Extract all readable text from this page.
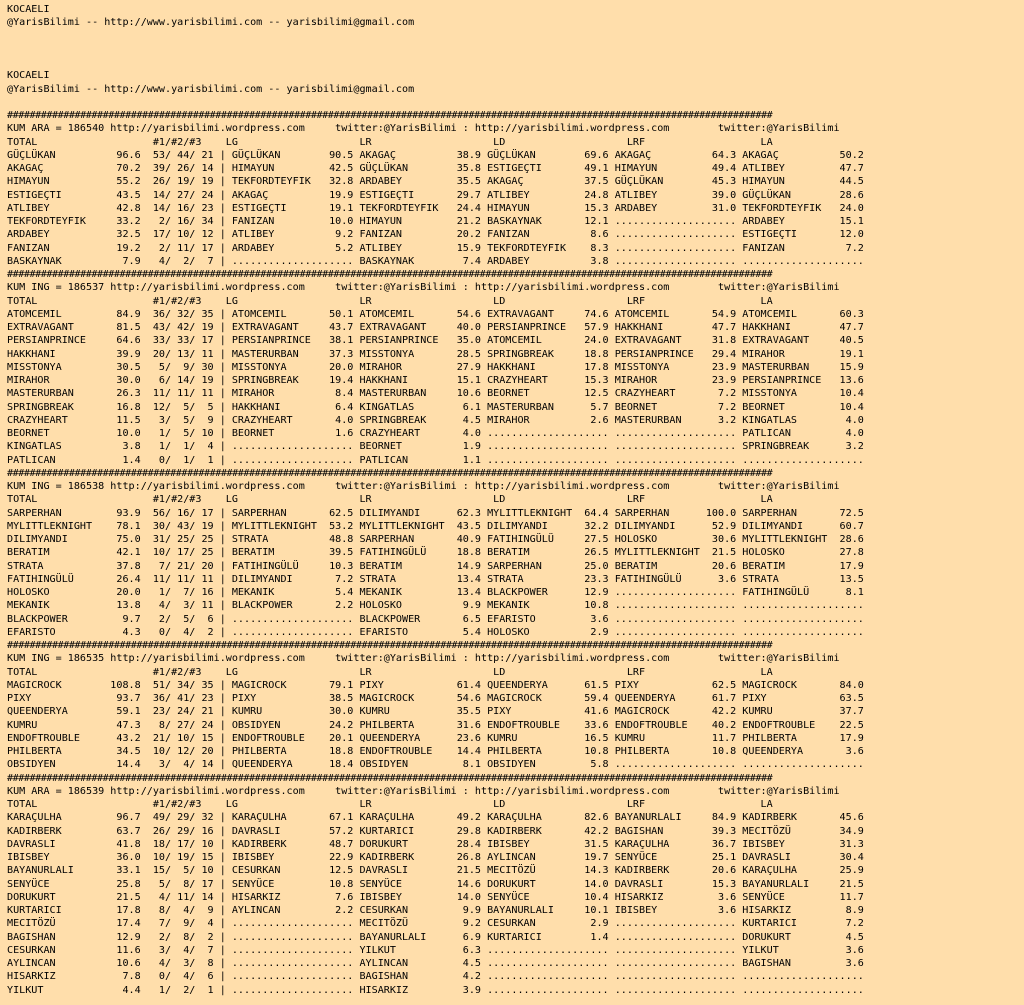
KOCAELI
@YarisBilimi -- http://www.yarisbilimi.com -- yarisbilimi@gmail.com

KOCAELI
@YarisBilimi -- http://www.yarisbilimi.com -- yarisbilimi@gmail.com

########################################################################################################################################
KUM ARA = 186540 http://yarisbilimi.wordpress.com     twitter:@YarisBilimi : http://yarisbilimi.wordpress.com        twitter:@YarisBilimi
TOTAL                   #1/#2/#3    LG                    LR                    LD                    LRF                   LA
GÜÇLÜKAN          96.6  53/ 44/ 21 | GÜÇLÜKAN        90.5 AKAGAÇ          38.9 GÜÇLÜKAN        69.6 AKAGAÇ          64.3 AKAGAÇ          50.2
AKAGAÇ            70.2  39/ 26/ 14 | HIMAYUN         42.5 GÜÇLÜKAN        35.8 ESTIGEÇTI       49.1 HIMAYUN         49.4 ATLIBEY         47.7
HIMAYUN           55.2  26/ 19/ 19 | TEKFORDTEYFIK   32.8 ARDABEY         35.5 AKAGAÇ          37.5 GÜÇLÜKAN        45.3 HIMAYUN         44.5
ESTIGEÇTI         43.5  14/ 27/ 24 | AKAGAÇ          19.9 ESTIGEÇTI       29.7 ATLIBEY         24.8 ATLIBEY         39.0 GÜÇLÜKAN        28.6
ATLIBEY           42.8  14/ 16/ 23 | ESTIGEÇTI       19.1 TEKFORDTEYFIK   24.4 HIMAYUN         15.3 ARDABEY         31.0 TEKFORDTEYFIK   24.0
TEKFORDTEYFIK     33.2   2/ 16/ 34 | FANIZAN         10.0 HIMAYUN         21.2 BASKAYNAK       12.1 .................... ARDABEY         15.1
ARDABEY           32.5  17/ 10/ 12 | ATLIBEY          9.2 FANIZAN         20.2 FANIZAN          8.6 .................... ESTIGEÇTI       12.0
FANIZAN           19.2   2/ 11/ 17 | ARDABEY          5.2 ATLIBEY         15.9 TEKFORDTEYFIK    8.3 .................... FANIZAN          7.2
BASKAYNAK          7.9   4/  2/  7 | .................... BASKAYNAK        7.4 ARDABEY          3.8 .................... ....................
########################################################################################################################################
KUM ING = 186537 http://yarisbilimi.wordpress.com     twitter:@YarisBilimi : http://yarisbilimi.wordpress.com        twitter:@YarisBilimi
TOTAL                   #1/#2/#3    LG                    LR                    LD                    LRF                   LA
ATOMCEMIL         84.9  36/ 32/ 35 | ATOMCEMIL       50.1 ATOMCEMIL       54.6 EXTRAVAGANT     74.6 ATOMCEMIL       54.9 ATOMCEMIL       60.3
EXTRAVAGANT       81.5  43/ 42/ 19 | EXTRAVAGANT     43.7 EXTRAVAGANT     40.0 PERSIANPRINCE   57.9 HAKKHANI        47.7 HAKKHANI        47.7
PERSIANPRINCE     64.6  33/ 33/ 17 | PERSIANPRINCE   38.1 PERSIANPRINCE   35.0 ATOMCEMIL       24.0 EXTRAVAGANT     31.8 EXTRAVAGANT     40.5
HAKKHANI          39.9  20/ 13/ 11 | MASTERURBAN     37.3 MISSTONYA       28.5 SPRINGBREAK     18.8 PERSIANPRINCE   29.4 MIRAHOR         19.1
MISSTONYA         30.5   5/  9/ 30 | MISSTONYA       20.0 MIRAHOR         27.9 HAKKHANI        17.8 MISSTONYA       23.9 MASTERURBAN     15.9
MIRAHOR           30.0   6/ 14/ 19 | SPRINGBREAK     19.4 HAKKHANI        15.1 CRAZYHEART      15.3 MIRAHOR         23.9 PERSIANPRINCE   13.6
MASTERURBAN       26.3  11/ 11/ 11 | MIRAHOR          8.4 MASTERURBAN     10.6 BEORNET         12.5 CRAZYHEART       7.2 MISSTONYA       10.4
SPRINGBREAK       16.8  12/  5/  5 | HAKKHANI         6.4 KINGATLAS        6.1 MASTERURBAN      5.7 BEORNET          7.2 BEORNET         10.4
CRAZYHEART        11.5   3/  5/  9 | CRAZYHEART       4.0 SPRINGBREAK      4.5 MIRAHOR          2.6 MASTERURBAN      3.2 KINGATLAS        4.0
BEORNET           10.0   1/  5/ 10 | BEORNET          1.6 CRAZYHEART       4.0 .................... .................... PATLICAN         4.0
KINGATLAS          3.8   1/  1/  4 | .................... BEORNET          1.9 .................... .................... SPRINGBREAK      3.2
PATLICAN           1.4   0/  1/  1 | .................... PATLICAN         1.1 .................... .................... ....................
########################################################################################################################################
KUM ING = 186538 http://yarisbilimi.wordpress.com     twitter:@YarisBilimi : http://yarisbilimi.wordpress.com        twitter:@YarisBilimi
TOTAL                   #1/#2/#3    LG                    LR                    LD                    LRF                   LA
SARPERHAN         93.9  56/ 16/ 17 | SARPERHAN       62.5 DILIMYANDI      62.3 MYLITTLEKNIGHT  64.4 SARPERHAN      100.0 SARPERHAN       72.5
MYLITTLEKNIGHT    78.1  30/ 43/ 19 | MYLITTLEKNIGHT  53.2 MYLITTLEKNIGHT  43.5 DILIMYANDI      32.2 DILIMYANDI      52.9 DILIMYANDI      60.7
DILIMYANDI        75.0  31/ 25/ 25 | STRATA          48.8 SARPERHAN       40.9 FATIHINGÜLÜ     27.5 HOLOSKO         30.6 MYLITTLEKNIGHT  28.6
BERATIM           42.1  10/ 17/ 25 | BERATIM         39.5 FATIHINGÜLÜ     18.8 BERATIM         26.5 MYLITTLEKNIGHT  21.5 HOLOSKO         27.8
STRATA            37.8   7/ 21/ 20 | FATIHINGÜLÜ     10.3 BERATIM         14.9 SARPERHAN       25.0 BERATIM         20.6 BERATIM         17.9
FATIHINGÜLÜ       26.4  11/ 11/ 11 | DILIMYANDI       7.2 STRATA          13.4 STRATA          23.3 FATIHINGÜLÜ      3.6 STRATA          13.5
HOLOSKO           20.0   1/  7/ 16 | MEKANIK          5.4 MEKANIK         13.4 BLACKPOWER      12.9 .................... FATIHINGÜLÜ      8.1
MEKANIK           13.8   4/  3/ 11 | BLACKPOWER       2.2 HOLOSKO          9.9 MEKANIK         10.8 .................... ....................
BLACKPOWER         9.7   2/  5/  6 | .................... BLACKPOWER       6.5 EFARISTO         3.6 .................... ....................
EFARISTO           4.3   0/  4/  2 | .................... EFARISTO         5.4 HOLOSKO          2.9 .................... ....................
########################################################################################################################################
KUM ING = 186535 http://yarisbilimi.wordpress.com     twitter:@YarisBilimi : http://yarisbilimi.wordpress.com        twitter:@YarisBilimi
TOTAL                   #1/#2/#3    LG                    LR                    LD                    LRF                   LA
MAGICROCK        108.8  51/ 34/ 35 | MAGICROCK       79.1 PIXY            61.4 QUEENDERYA      61.5 PIXY            62.5 MAGICROCK       84.0
PIXY              93.7  36/ 41/ 23 | PIXY            38.5 MAGICROCK       54.6 MAGICROCK       59.4 QUEENDERYA      61.7 PIXY            63.5
QUEENDERYA        59.1  23/ 24/ 21 | KUMRU           30.0 KUMRU           35.5 PIXY            41.6 MAGICROCK       42.2 KUMRU           37.7
KUMRU             47.3   8/ 27/ 24 | OBSIDYEN        24.2 PHILBERTA       31.6 ENDOFTROUBLE    33.6 ENDOFTROUBLE    40.2 ENDOFTROUBLE    22.5
ENDOFTROUBLE      43.2  21/ 10/ 15 | ENDOFTROUBLE    20.1 QUEENDERYA      23.6 KUMRU           16.5 KUMRU           11.7 PHILBERTA       17.9
PHILBERTA         34.5  10/ 12/ 20 | PHILBERTA       18.8 ENDOFTROUBLE    14.4 PHILBERTA       10.8 PHILBERTA       10.8 QUEENDERYA       3.6
OBSIDYEN          14.4   3/  4/ 14 | QUEENDERYA      18.4 OBSIDYEN         8.1 OBSIDYEN         5.8 .................... ....................
########################################################################################################################################
KUM ARA = 186539 http://yarisbilimi.wordpress.com     twitter:@YarisBilimi : http://yarisbilimi.wordpress.com        twitter:@YarisBilimi
TOTAL                   #1/#2/#3    LG                    LR                    LD                    LRF                   LA
KARAÇULHA         96.7  49/ 29/ 32 | KARAÇULHA       67.1 KARAÇULHA       49.2 KARAÇULHA       82.6 BAYANURLALI     84.9 KADIRBERK       45.6
KADIRBERK         63.7  26/ 29/ 16 | DAVRASLI        57.2 KURTARICI       29.8 KADIRBERK       42.2 BAGISHAN        39.3 MECITÖZÜ        34.9
DAVRASLI          41.8  18/ 17/ 10 | KADIRBERK       48.7 DORUKURT        28.4 IBISBEY         31.5 KARAÇULHA       36.7 IBISBEY         31.3
IBISBEY           36.0  10/ 19/ 15 | IBISBEY         22.9 KADIRBERK       26.8 AYLINCAN        19.7 SENYÜCE         25.1 DAVRASLI        30.4
BAYANURLALI       33.1  15/  5/ 10 | CESURKAN        12.5 DAVRASLI        21.5 MECITÖZÜ        14.3 KADIRBERK       20.6 KARAÇULHA       25.9
SENYÜCE           25.8   5/  8/ 17 | SENYÜCE         10.8 SENYÜCE         14.6 DORUKURT        14.0 DAVRASLI        15.3 BAYANURLALI     21.5
DORUKURT          21.5   4/ 11/ 14 | HISARKIZ         7.6 IBISBEY         14.0 SENYÜCE         10.4 HISARKIZ         3.6 SENYÜCE         11.7
KURTARICI         17.8   8/  4/  9 | AYLINCAN         2.2 CESURKAN         9.9 BAYANURLALI     10.1 IBISBEY          3.6 HISARKIZ         8.9
MECITÖZÜ          17.4   7/  9/  4 | .................... MECITÖZÜ         9.2 CESURKAN         2.9 .................... KURTARICI        7.2
BAGISHAN          12.9   2/  8/  2 | .................... BAYANURLALI      6.9 KURTARICI        1.4 .................... DORUKURT         4.5
CESURKAN          11.6   3/  4/  7 | .................... YILKUT           6.3 .................... .................... YILKUT           3.6
AYLINCAN          10.6   4/  3/  8 | .................... AYLINCAN         4.5 .................... .................... BAGISHAN         3.6
HISARKIZ           7.8   0/  4/  6 | .................... BAGISHAN         4.2 .................... .................... ....................
YILKUT             4.4   1/  2/  1 | .................... HISARKIZ         3.9 .................... .................... ....................
